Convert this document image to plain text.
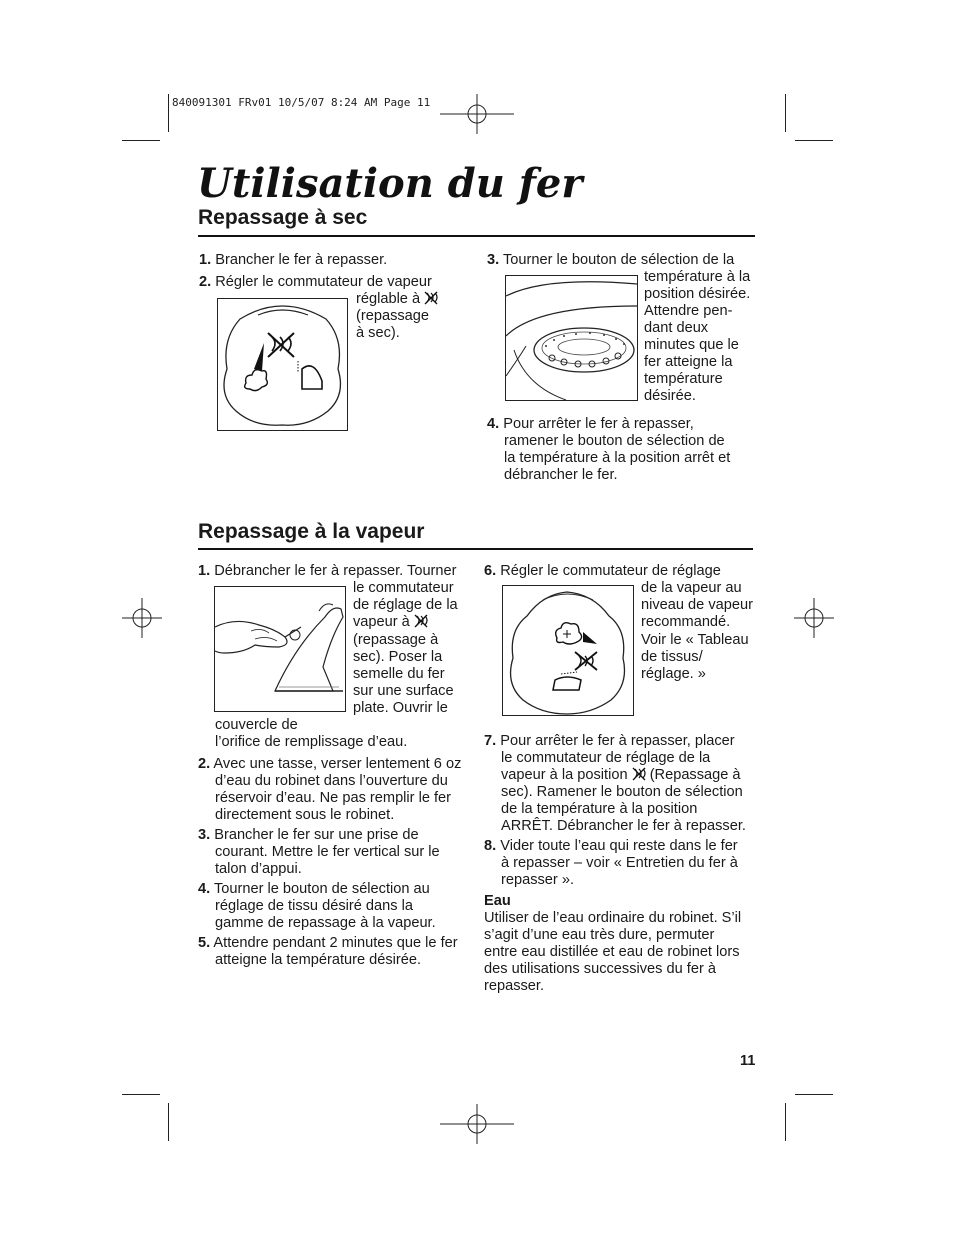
840091301 FRv01 10/5/07 8:24 AM Page 11
Utilisation du fer
Repassage à sec
1. Brancher le fer à repasser.
2. Régler le commutateur de vapeur
réglable à
(repassage
à sec).
3. Tourner le bouton de sélection de la
température à la
position désirée.
Attendre pen-
dant deux
minutes que le
fer atteigne la
température
désirée.
4. Pour arrêter le fer à repasser,
ramener le bouton de sélection de
la température à la position arrêt et
débrancher le fer.
Repassage à la vapeur
1. Débrancher le fer à repasser. Tourner
le commutateur
de réglage de la
vapeur à
(repassage à
sec). Poser la
semelle du fer
sur une surface
plate. Ouvrir le
couvercle de
l’orifice de remplissage d’eau.
2. Avec une tasse, verser lentement 6 oz
d’eau du robinet dans l’ouverture du
réservoir d’eau. Ne pas remplir le fer
directement sous le robinet.
3. Brancher le fer sur une prise de
courant. Mettre le fer vertical sur le
talon d’appui.
4. Tourner le bouton de sélection au
réglage de tissu désiré dans la
gamme de repassage à la vapeur.
5. Attendre pendant 2 minutes que le fer
atteigne la température désirée.
6. Régler le commutateur de réglage
de la vapeur au
niveau de vapeur
recommandé.
Voir le « Tableau
de tissus/
réglage. »
7. Pour arrêter le fer à repasser, placer
le commutateur de réglage de la
vapeur à la position (Repassage à
sec). Ramener le bouton de sélection
de la température à la position
ARRÊT. Débrancher le fer à repasser.
8. Vider toute l’eau qui reste dans le fer
à repasser – voir « Entretien du fer à
repasser ».
Eau
Utiliser de l’eau ordinaire du robinet. S’il
s’agit d’une eau très dure, permuter
entre eau distillée et eau de robinet lors
des utilisations successives du fer à
repasser.
11
